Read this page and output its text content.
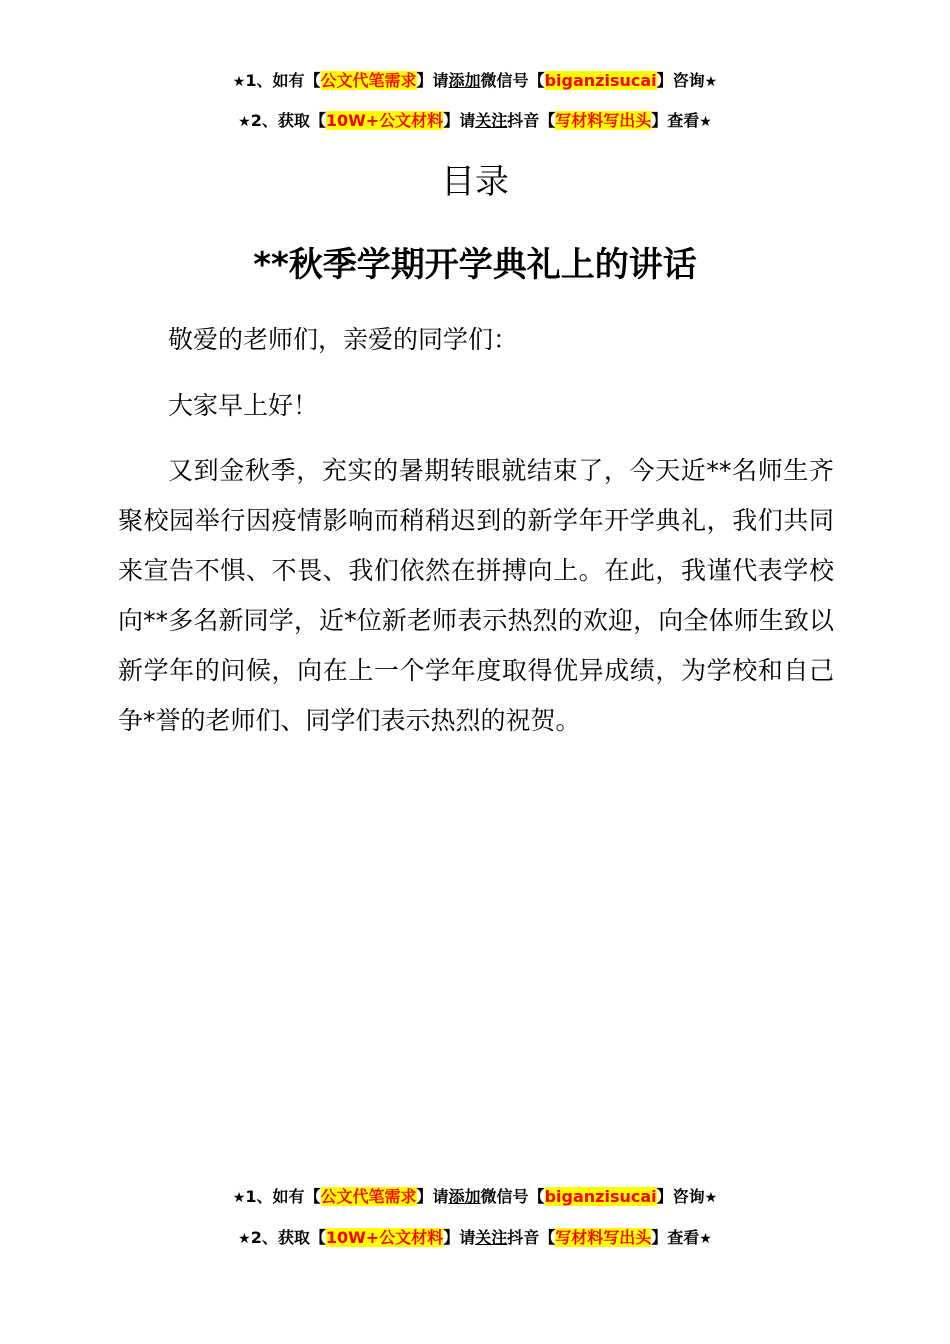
★1、如有【公文代笔需求】请添加微信号【biganzisucai】咨询★
★2、获取【10W+公文材料】请关注抖音【写材料写出头】查看★
目录
**秋季学期开学典礼上的讲话
敬爱的老师们，亲爱的同学们：
大家早上好！
又到金秋季，充实的暑期转眼就结束了，今天近**名师生齐聚校园举行因疫情影响而稍稍迟到的新学年开学典礼，我们共同来宣告不惧、不畏、我们依然在拼搏向上。在此，我谨代表学校向**多名新同学，近*位新老师表示热烈的欢迎，向全体师生致以新学年的问候，向在上一个学年度取得优异成绩，为学校和自己争*誉的老师们、同学们表示热烈的祝贺。
★1、如有【公文代笔需求】请添加微信号【biganzisucai】咨询★
★2、获取【10W+公文材料】请关注抖音【写材料写出头】查看★
